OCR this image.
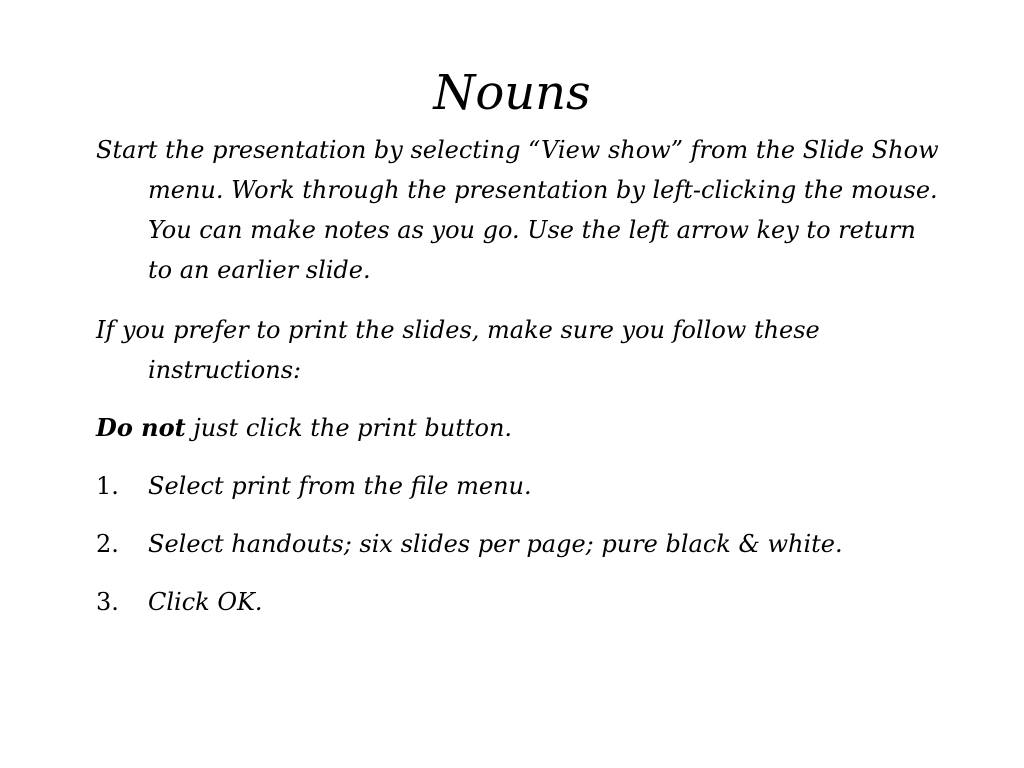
Nouns

Start the presentation by selecting “View show” from the Slide Show menu. Work through the presentation by left-clicking the mouse. You can make notes as you go. Use the left arrow key to return to an earlier slide.

If you prefer to print the slides, make sure you follow these instructions:

Do not just click the print button.

1.	Select print from the file menu.
2.	Select handouts; six slides per page; pure black & white.
3.	Click OK.
